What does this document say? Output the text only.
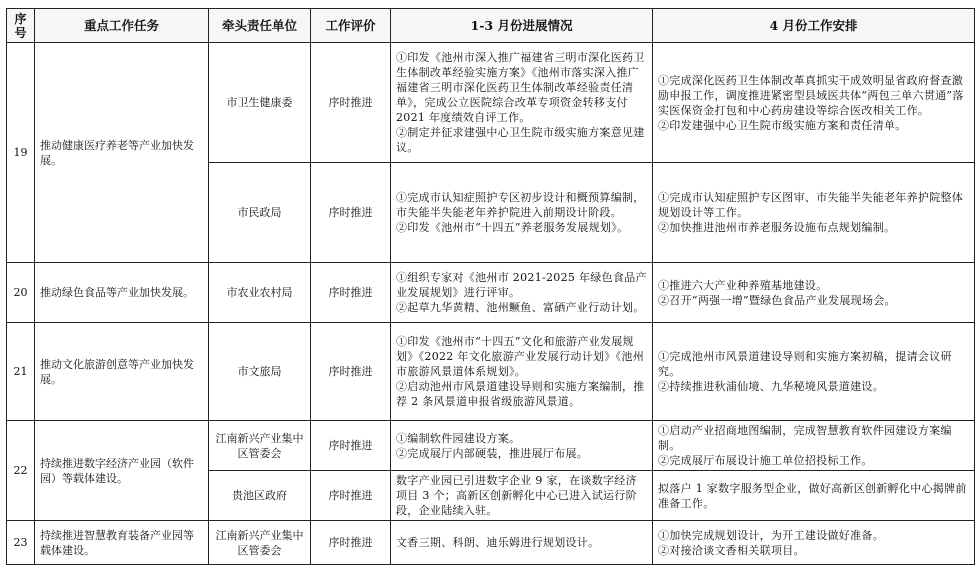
序号	重点工作任务	牵头责任单位	工作评价	1-3 月份进展情况	4 月份工作安排
19	推动健康医疗养老等产业加快发展。	市卫生健康委	序时推进	①印发《池州市深入推广福建省三明市深化医药卫生体制改革经验实施方案》《池州市落实深入推广福建省三明市深化医药卫生体制改革经验责任清单》，完成公立医院综合改革专项资金转移支付 2021 年度绩效自评工作。
②制定并征求建强中心卫生院市级实施方案意见建议。	①完成深化医药卫生体制改革真抓实干成效明显省政府督查激励申报工作，调度推进紧密型县域医共体“两包三单六贯通”落实医保资金打包和中心药房建设等综合医改相关工作。
②印发建强中心卫生院市级实施方案和责任清单。

		市民政局	序时推进	①完成市认知症照护专区初步设计和概预算编制，市失能半失能老年养护院进入前期设计阶段。
②印发《池州市“十四五”养老服务发展规划》。	①完成市认知症照护专区图审、市失能半失能老年养护院整体规划设计等工作。
②加快推进池州市养老服务设施布点规划编制。

20	推动绿色食品等产业加快发展。	市农业农村局	序时推进	①组织专家对《池州市 2021-2025 年绿色食品产业发展规划》进行评审。
②起草九华黄精、池州鳜鱼、富硒产业行动计划。	①推进六大产业种养殖基地建设。
②召开“两强一增”暨绿色食品产业发展现场会。

21	推动文化旅游创意等产业加快发展。	市文旅局	序时推进	①印发《池州市“十四五”文化和旅游产业发展规划》《2022 年文化旅游产业发展行动计划》《池州市旅游风景道体系规划》。
②启动池州市风景道建设导则和实施方案编制，推荐 2 条风景道申报省级旅游风景道。	①完成池州市风景道建设导则和实施方案初稿，提请会议研究。
②持续推进秋浦仙境、九华秘境风景道建设。

22	持续推进数字经济产业园（软件园）等载体建设。	江南新兴产业集中区管委会	序时推进	①编制软件园建设方案。
②完成展厅内部硬装，推进展厅布展。	①启动产业招商地图编制，完成智慧教育软件园建设方案编制。
②完成展厅布展设计施工单位招投标工作。

		贵池区政府	序时推进	数字产业园已引进数字企业 9 家，在谈数字经济项目 3 个；高新区创新孵化中心已进入试运行阶段，企业陆续入驻。	拟落户 1 家数字服务型企业，做好高新区创新孵化中心揭牌前准备工作。

23	持续推进智慧教育装备产业园等载体建设。	江南新兴产业集中区管委会	序时推进	文香三期、科朗、迪乐姆进行规划设计。	①加快完成规划设计，为开工建设做好准备。
②对接洽谈文香相关联项目。
